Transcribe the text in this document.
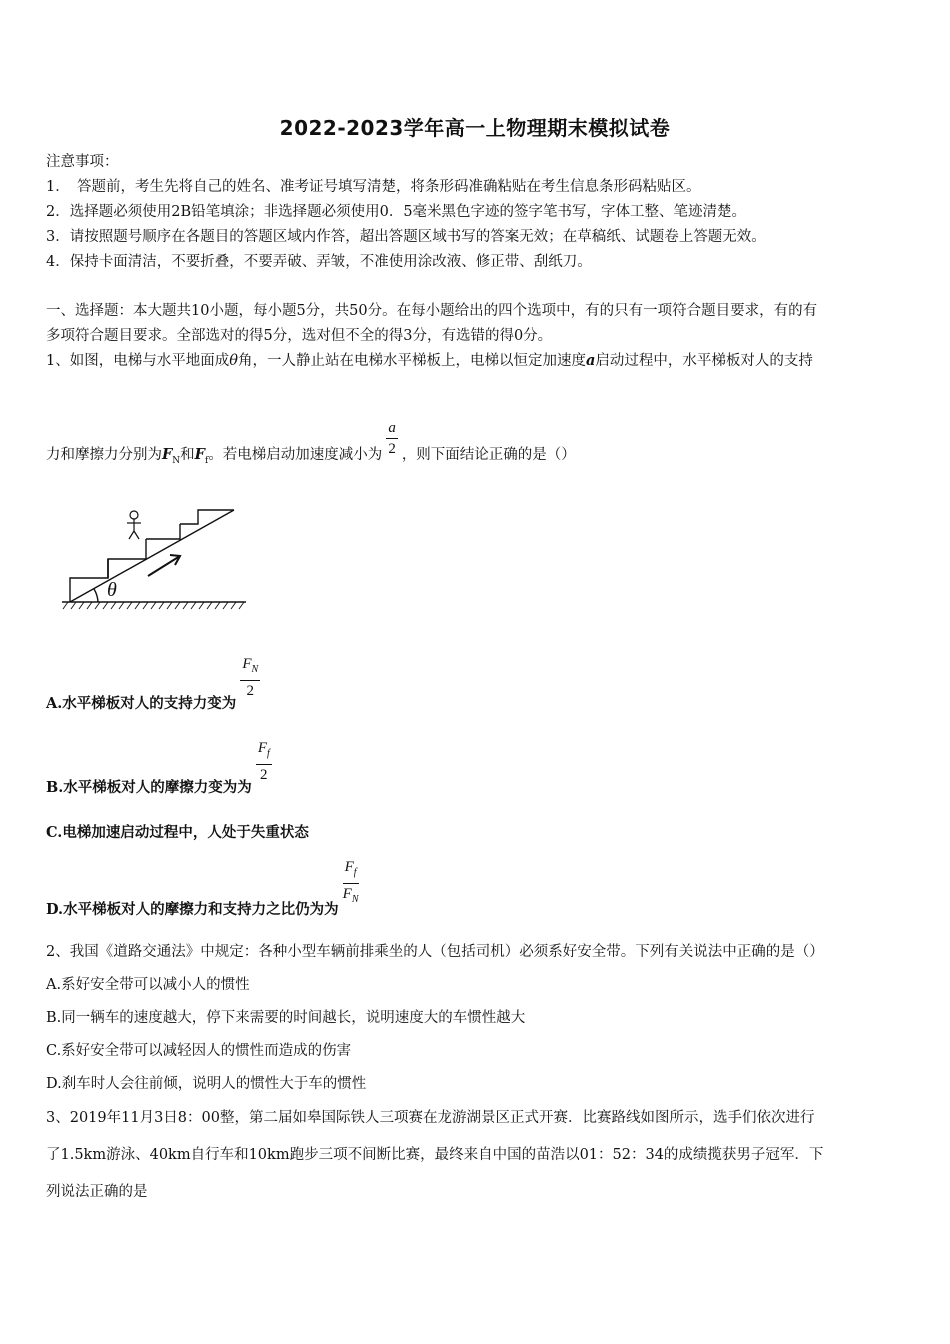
2022-2023学年高一上物理期末模拟试卷
注意事项：
1．　答题前，考生先将自己的姓名、准考证号填写清楚，将条形码准确粘贴在考生信息条形码粘贴区。
2．选择题必须使用2B铅笔填涂；非选择题必须使用0．5毫米黑色字迹的签字笔书写，字体工整、笔迹清楚。
3．请按照题号顺序在各题目的答题区域内作答，超出答题区域书写的答案无效；在草稿纸、试题卷上答题无效。
4．保持卡面清洁，不要折叠，不要弄破、弄皱，不准使用涂改液、修正带、刮纸刀。
一、选择题：本大题共10小题，每小题5分，共50分。在每小题给出的四个选项中，有的只有一项符合题目要求，有的有
多项符合题目要求。全部选对的得5分，选对但不全的得3分，有选错的得0分。
1、如图，电梯与水平地面成θ角，一人静止站在电梯水平梯板上，电梯以恒定加速度a启动过程中，水平梯板对人的支持
力和摩擦力分别为$F_N$和$F_f$。若电梯启动加速度减小为 $\frac{a}{2}$ ，则下面结论正确的是（）
θ
A.水平梯板对人的支持力变为
$\frac{F_N}{2}$
B.水平梯板对人的摩擦力变为为
$\frac{F_f}{2}$
C.电梯加速启动过程中，人处于失重状态
D.水平梯板对人的摩擦力和支持力之比仍为为 $\frac{F_f}{F_N}$
2、我国《道路交通法》中规定：各种小型车辆前排乘坐的人（包括司机）必须系好安全带。下列有关说法中正确的是（）
A.系好安全带可以减小人的惯性
B.同一辆车的速度越大，停下来需要的时间越长，说明速度大的车惯性越大
C.系好安全带可以减轻因人的惯性而造成的伤害
D.刹车时人会往前倾，说明人的惯性大于车的惯性
3、2019年11月3日8：00整，第二届如皋国际铁人三项赛在龙游湖景区正式开赛．比赛路线如图所示，选手们依次进行
了1.5km游泳、40km自行车和10km跑步三项不间断比赛，最终来自中国的苗浩以01：52：34的成绩揽获男子冠军．下
列说法正确的是
